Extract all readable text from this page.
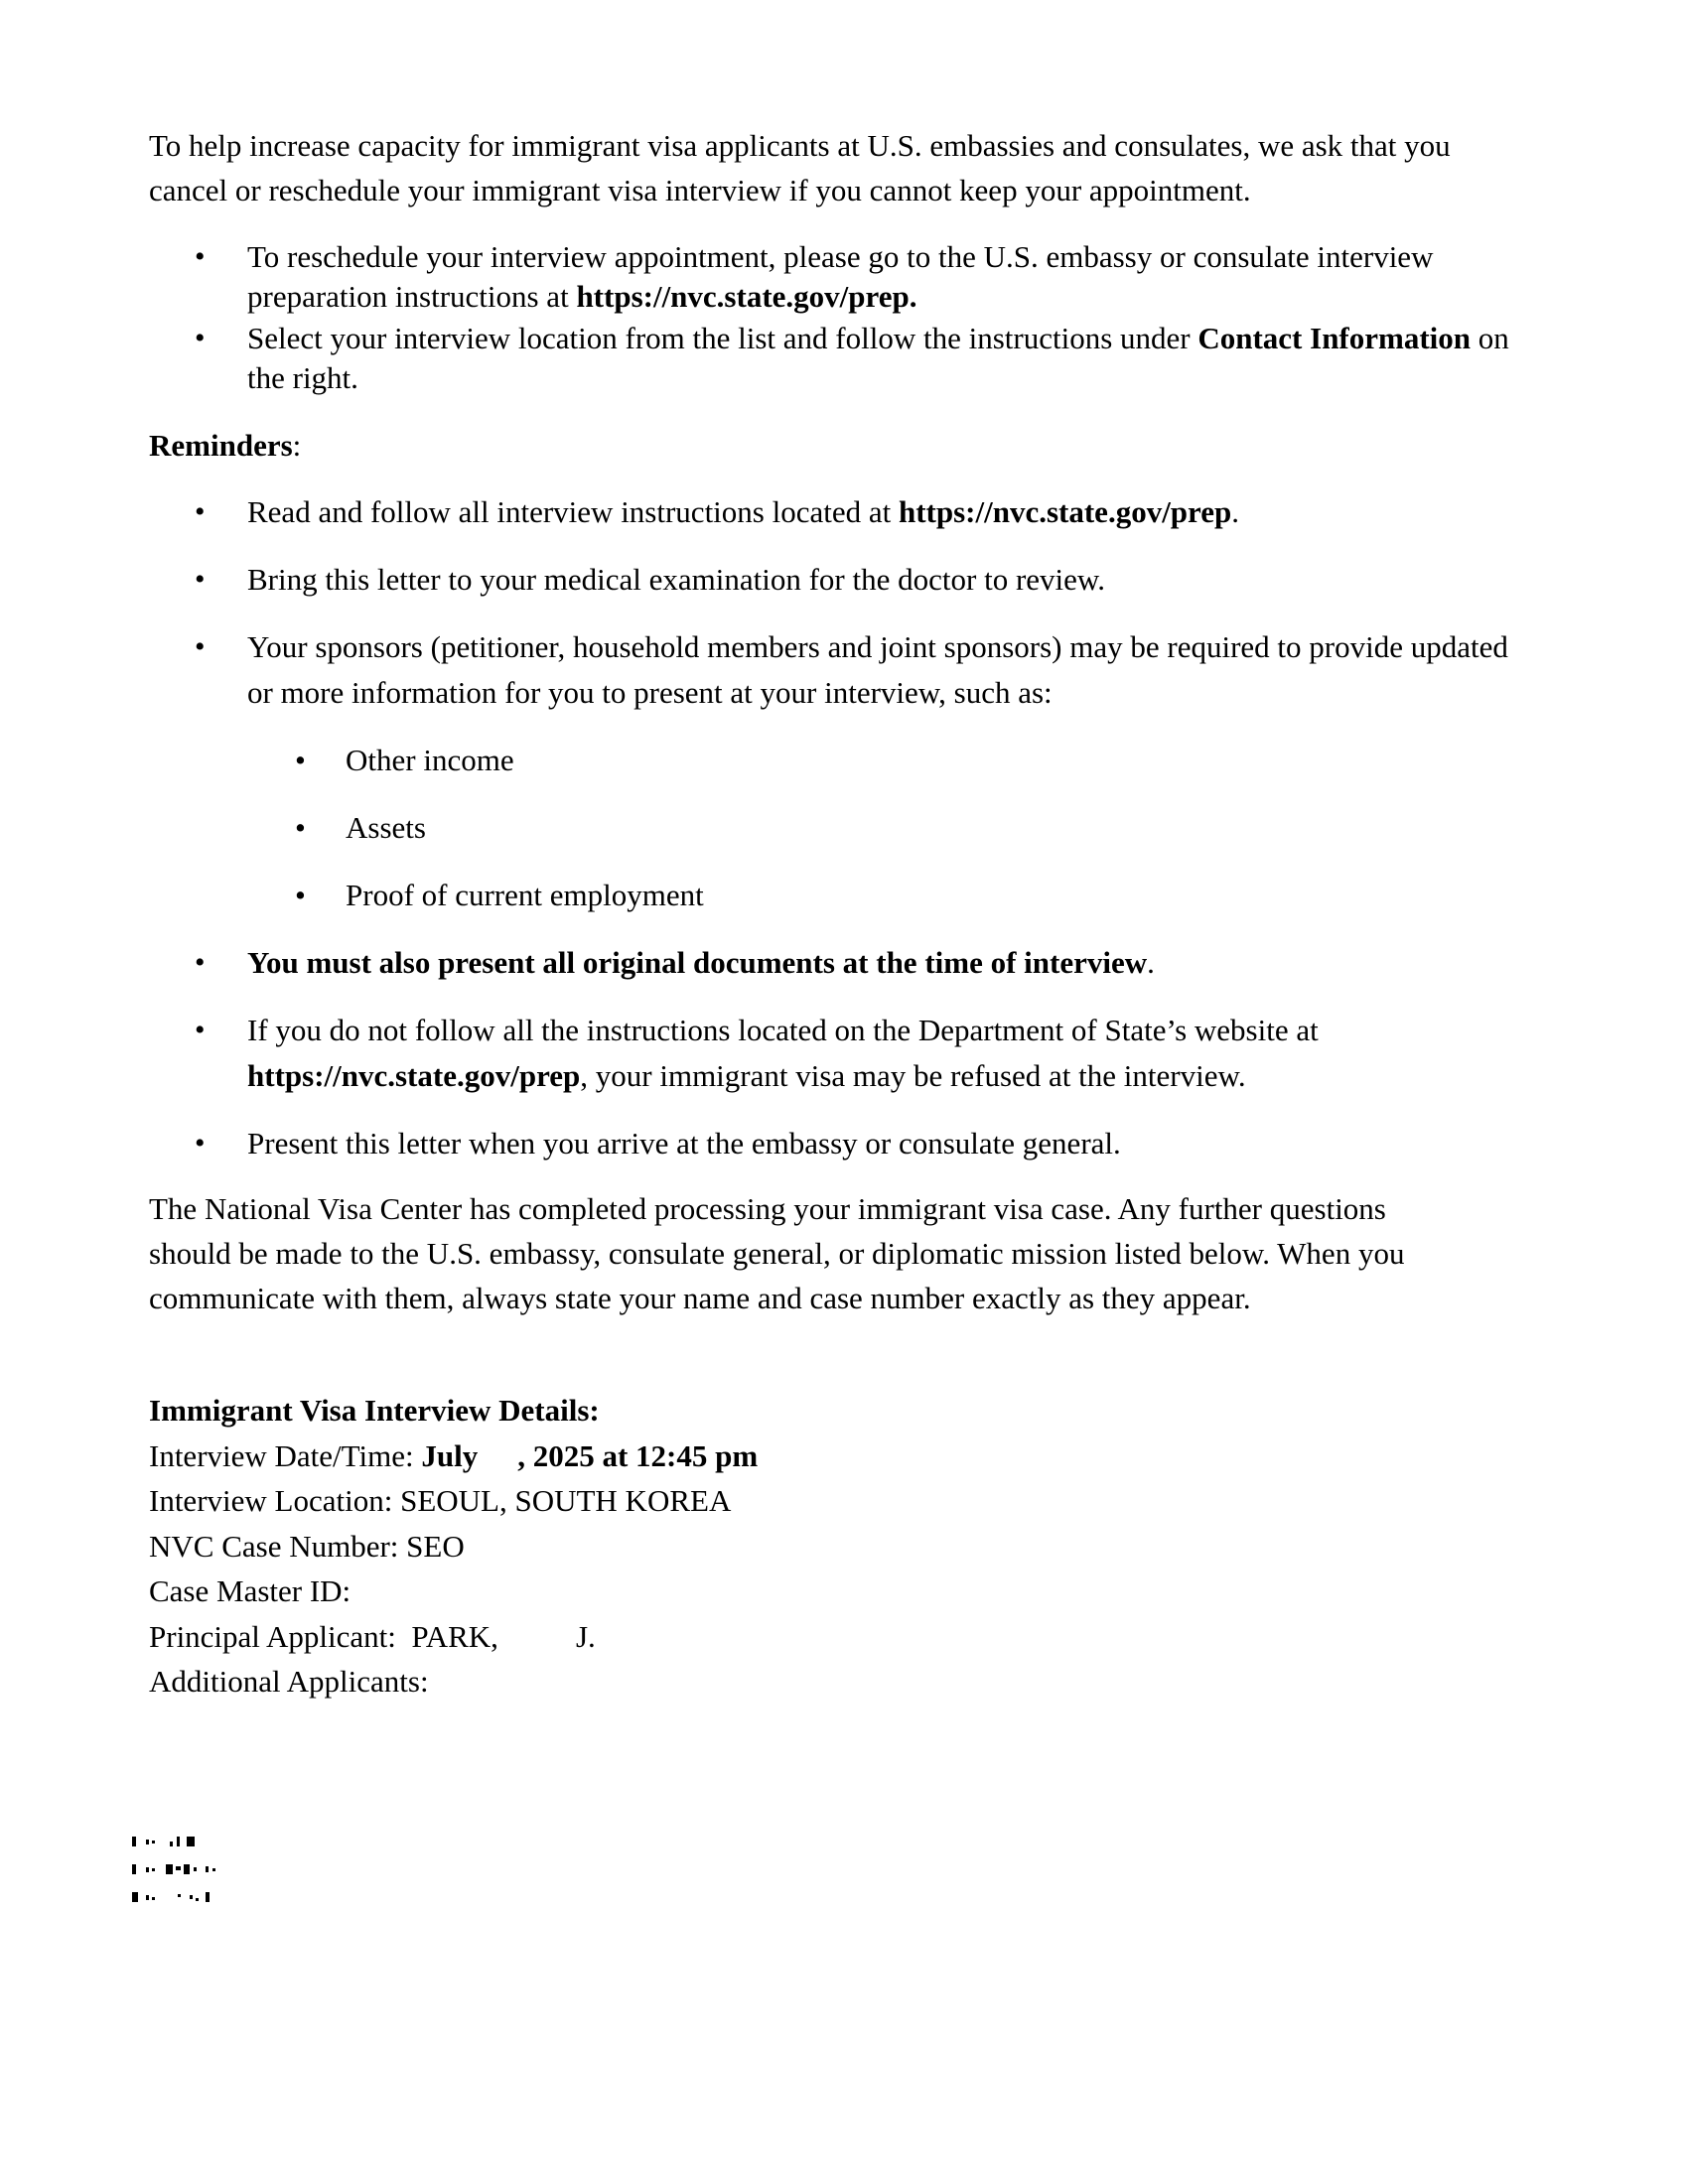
To help increase capacity for immigrant visa applicants at U.S. embassies and consulates, we ask that you cancel or reschedule your immigrant visa interview if you cannot keep your appointment.

• To reschedule your interview appointment, please go to the U.S. embassy or consulate interview preparation instructions at https://nvc.state.gov/prep.
• Select your interview location from the list and follow the instructions under Contact Information on the right.

Reminders:

• Read and follow all interview instructions located at https://nvc.state.gov/prep.
• Bring this letter to your medical examination for the doctor to review.
• Your sponsors (petitioner, household members and joint sponsors) may be required to provide updated or more information for you to present at your interview, such as:
• Other income
• Assets
• Proof of current employment
• You must also present all original documents at the time of interview.
• If you do not follow all the instructions located on the Department of State’s website at https://nvc.state.gov/prep, your immigrant visa may be refused at the interview.
• Present this letter when you arrive at the embassy or consulate general.

The National Visa Center has completed processing your immigrant visa case. Any further questions should be made to the U.S. embassy, consulate general, or diplomatic mission listed below. When you communicate with them, always state your name and case number exactly as they appear.

Immigrant Visa Interview Details:
Interview Date/Time: July , 2025 at 12:45 pm
Interview Location: SEOUL, SOUTH KOREA
NVC Case Number: SEO
Case Master ID:
Principal Applicant:  PARK,	J.
Additional Applicants:
